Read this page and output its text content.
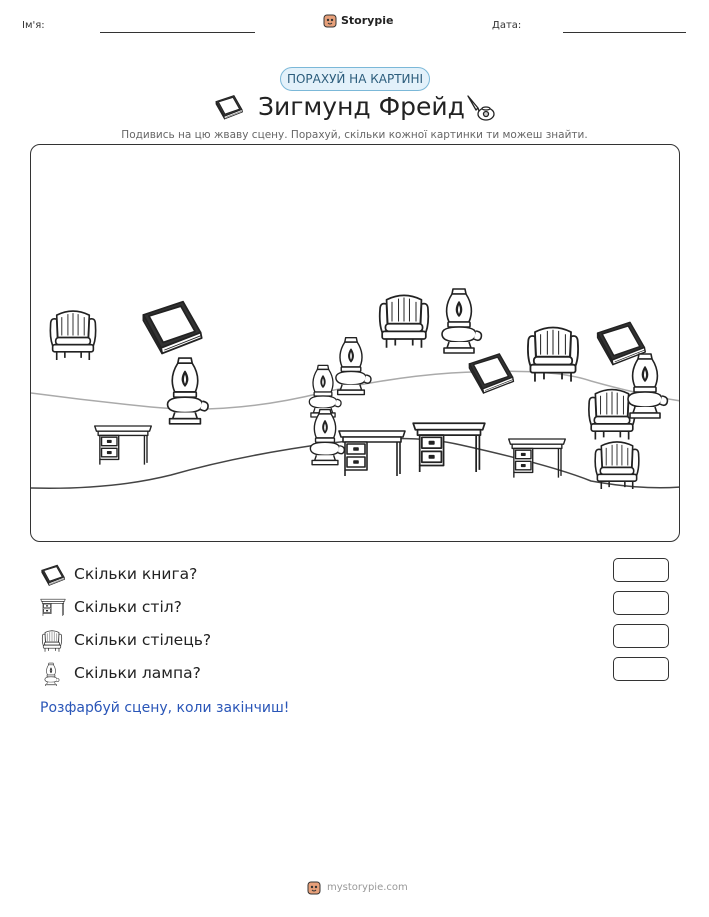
Ім'я:	Storypie	Дата:
ПОРАХУЙ НА КАРТИНІ
Зигмунд Фрейд

Подивись на цю жваву сцену. Порахуй, скільки кожної картинки ти можеш знайти.

Скільки книга?
Скільки стіл?
Скільки стілець?
Скільки лампа?

Розфарбуй сцену, коли закінчиш!

mystorypie.com
